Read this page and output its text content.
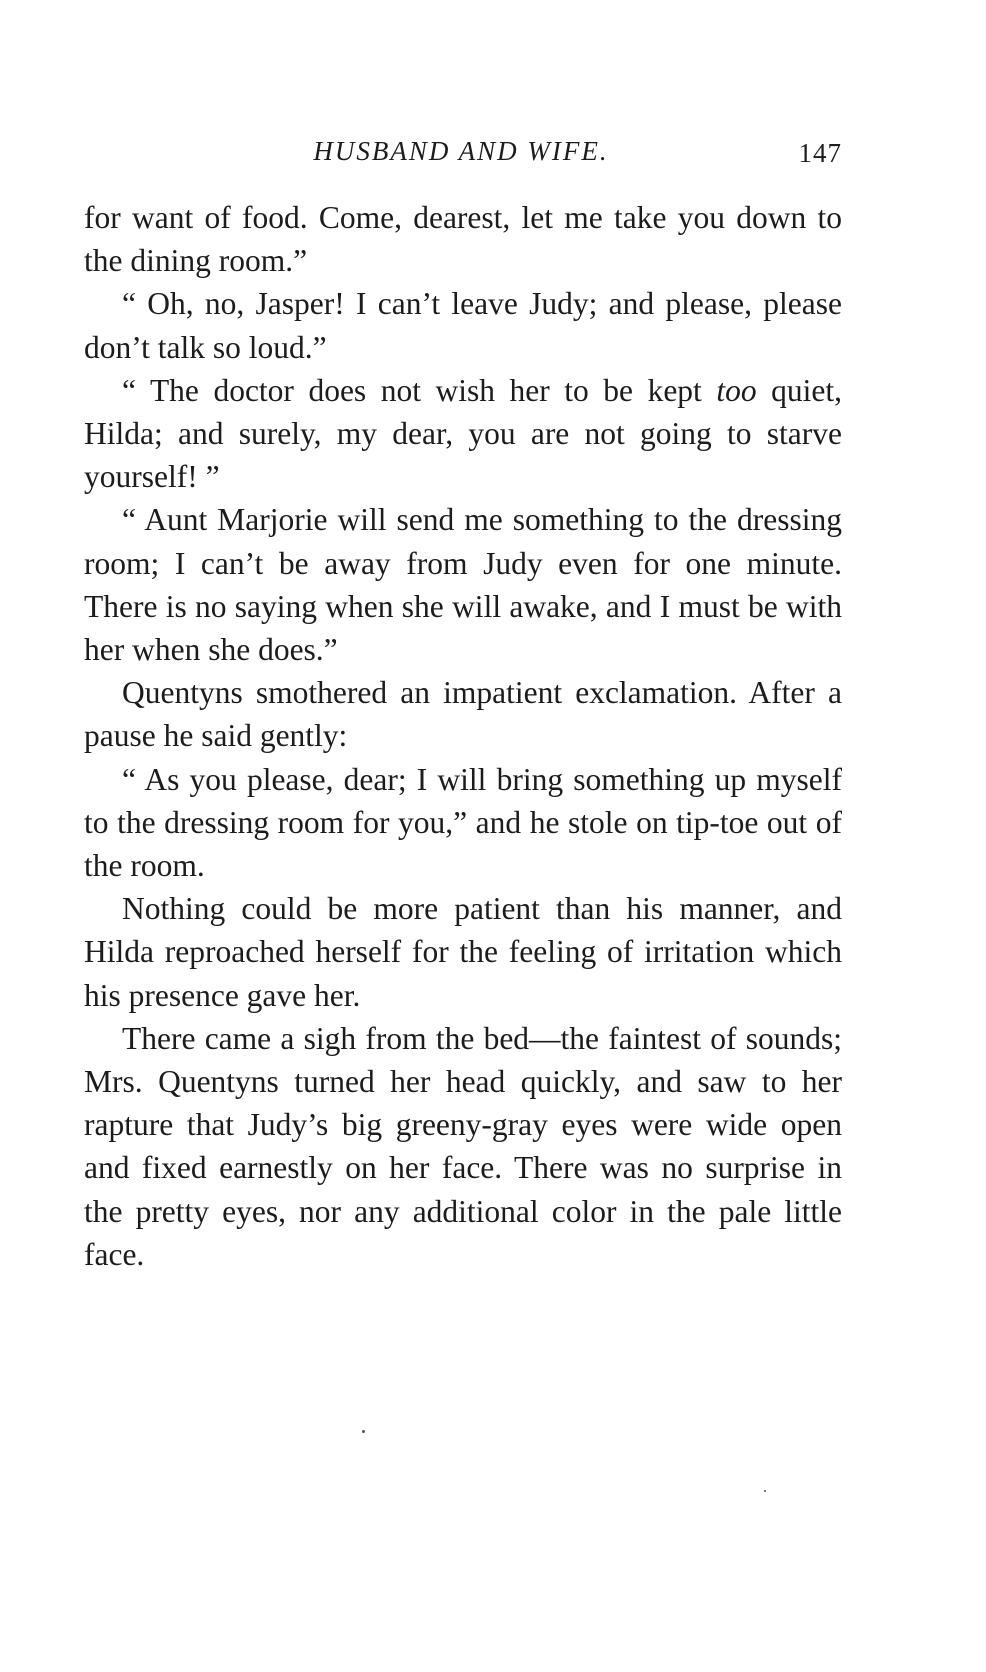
HUSBAND AND WIFE.	147

for want of food. Come, dearest, let me take you down to the dining room.”

“ Oh, no, Jasper! I can’t leave Judy; and please, please don’t talk so loud.”

“ The doctor does not wish her to be kept too quiet, Hilda; and surely, my dear, you are not going to starve yourself! ”

“ Aunt Marjorie will send me something to the dressing room; I can’t be away from Judy even for one minute. There is no saying when she will awake, and I must be with her when she does.”

Quentyns smothered an impatient exclamation. After a pause he said gently:

“ As you please, dear; I will bring something up myself to the dressing room for you,” and he stole on tip-toe out of the room.

Nothing could be more patient than his manner, and Hilda reproached herself for the feeling of irritation which his presence gave her.

There came a sigh from the bed—the faintest of sounds; Mrs. Quentyns turned her head quickly, and saw to her rapture that Judy’s big greeny-gray eyes were wide open and fixed earnestly on her face. There was no surprise in the pretty eyes, nor any additional color in the pale little face.
